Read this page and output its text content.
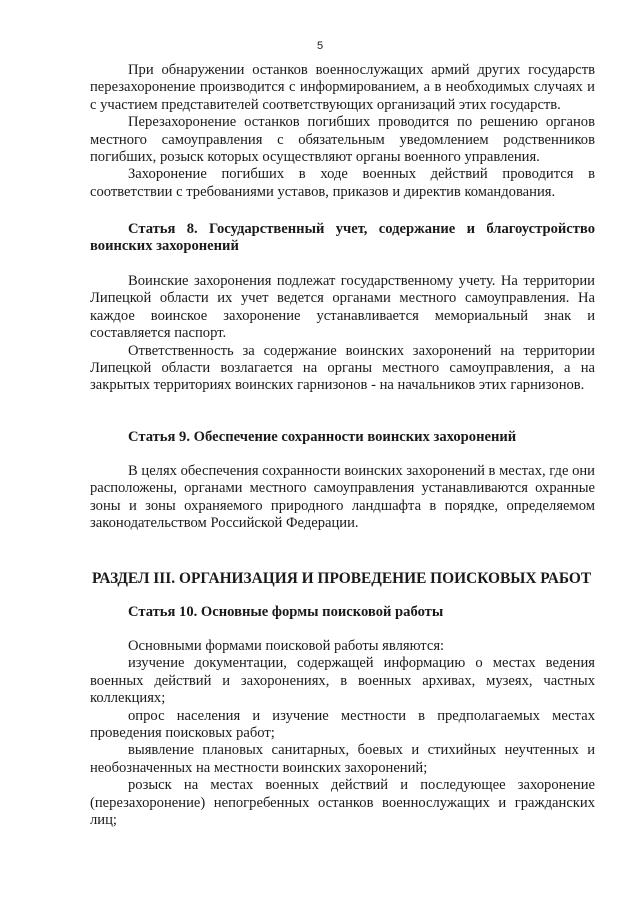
5

При обнаружении останков военнослужащих армий других государств перезахоронение производится с информированием, а в необходимых случаях и с участием представителей соответствующих организаций этих государств.

Перезахоронение останков погибших проводится по решению органов местного самоуправления с обязательным уведомлением родственников погибших, розыск которых осуществляют органы военного управления.

Захоронение погибших в ходе военных действий проводится в соответствии с требованиями уставов, приказов и директив командования.

Статья 8. Государственный учет, содержание и благоустройство воинских захоронений

Воинские захоронения подлежат государственному учету. На территории Липецкой области их учет ведется органами местного самоуправления. На каждое воинское захоронение устанавливается мемориальный знак и составляется паспорт.

Ответственность за содержание воинских захоронений на территории Липецкой области возлагается на органы местного самоуправления, а на закрытых территориях воинских гарнизонов - на начальников этих гарнизонов.

Статья 9. Обеспечение сохранности воинских захоронений

В целях обеспечения сохранности воинских захоронений в местах, где они расположены, органами местного самоуправления устанавливаются охранные зоны и зоны охраняемого природного ландшафта в порядке, определяемом законодательством Российской Федерации.

РАЗДЕЛ III. ОРГАНИЗАЦИЯ И ПРОВЕДЕНИЕ ПОИСКОВЫХ РАБОТ

Статья 10. Основные формы поисковой работы

Основными формами поисковой работы являются:

изучение документации, содержащей информацию о местах ведения военных действий и захоронениях, в военных архивах, музеях, частных коллекциях;

опрос населения и изучение местности в предполагаемых местах проведения поисковых работ;

выявление плановых санитарных, боевых и стихийных неучтенных и необозначенных на местности воинских захоронений;

розыск на местах военных действий и последующее захоронение (перезахоронение) непогребенных останков военнослужащих и гражданских лиц;
